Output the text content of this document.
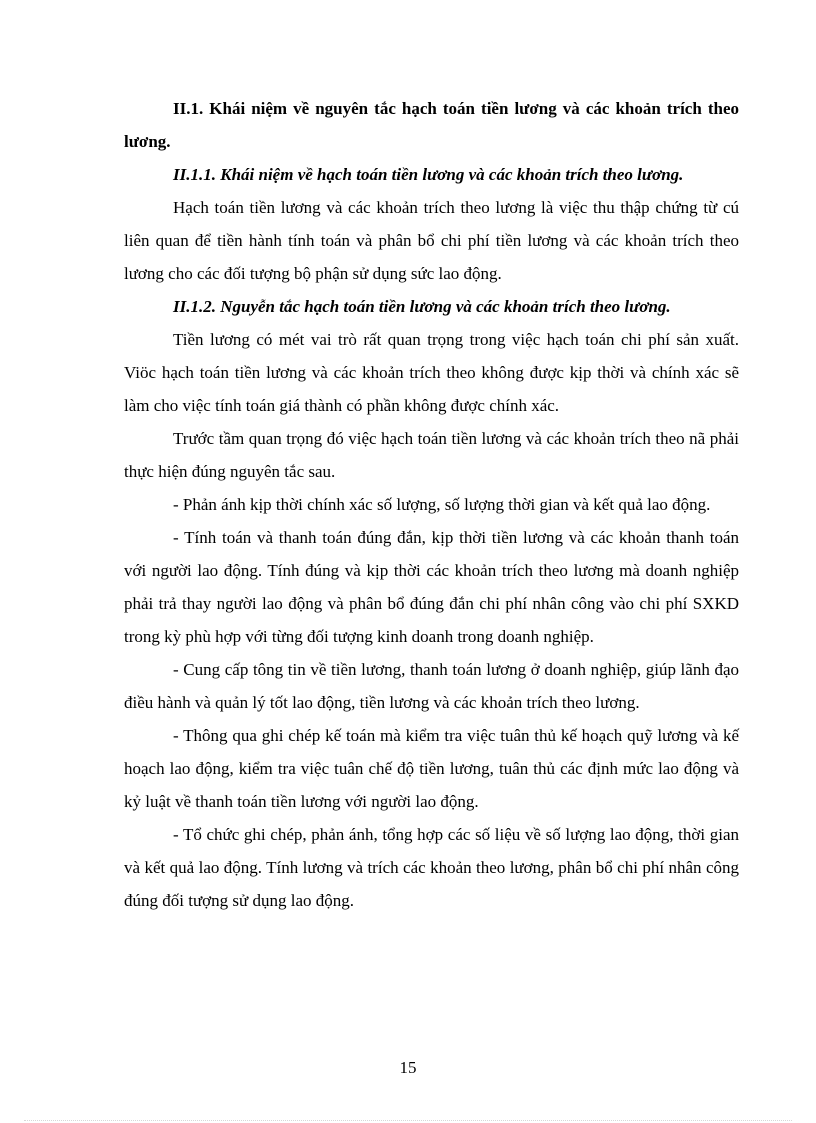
II.1. Khái niệm về nguyên tắc hạch toán tiền lương và các khoản trích theo lương.

II.1.1. Khái niệm về hạch toán tiền lương và các khoản trích theo lương.

Hạch toán tiền lương và các khoản trích theo lương là việc thu thập chứng từ cú liên quan để tiền hành tính toán và phân bổ chi phí tiền lương và các khoản trích theo lương cho các đối tượng bộ phận sử dụng sức lao động.

II.1.2. Nguyễn tắc hạch toán tiền lương và các khoản trích theo lương.

Tiền lương có mét vai trò rất quan trọng trong việc hạch toán chi phí sản xuất. Viöc hạch toán tiền lương và các khoản trích theo không được kịp thời và chính xác sẽ làm cho việc tính toán giá thành có phần không được chính xác.

Trước tầm quan trọng đó việc hạch toán tiền lương và các khoản trích theo nã phải thực hiện đúng nguyên tắc sau.

- Phản ánh kịp thời chính xác số lượng, số lượng thời gian và kết quả lao động.

- Tính toán và thanh toán đúng đắn, kịp thời tiền lương và các khoản thanh toán với người lao động. Tính đúng và kịp thời các khoản trích theo lương mà doanh nghiệp phải trả thay người lao động và phân bổ đúng đắn chi phí nhân công vào chi phí SXKD trong kỳ phù hợp với từng đối tượng kinh doanh trong doanh nghiệp.

- Cung cấp tông tin về tiền lương, thanh toán lương ở doanh nghiệp, giúp lãnh đạo điều hành và quản lý tốt lao động, tiền lương và các khoản trích theo lương.

- Thông qua ghi chép kế toán mà kiểm tra việc tuân thủ kế hoạch quỹ lương và kế hoạch lao động, kiểm tra việc tuân chế độ tiền lương, tuân thủ các định mức lao động và kỷ luật về thanh toán tiền lương với người lao động.

- Tổ chức ghi chép, phản ánh, tổng hợp các số liệu về số lượng lao động, thời gian và kết quả lao động. Tính lương và trích các khoản theo lương, phân bổ chi phí nhân công đúng đối tượng sử dụng lao động.

15
